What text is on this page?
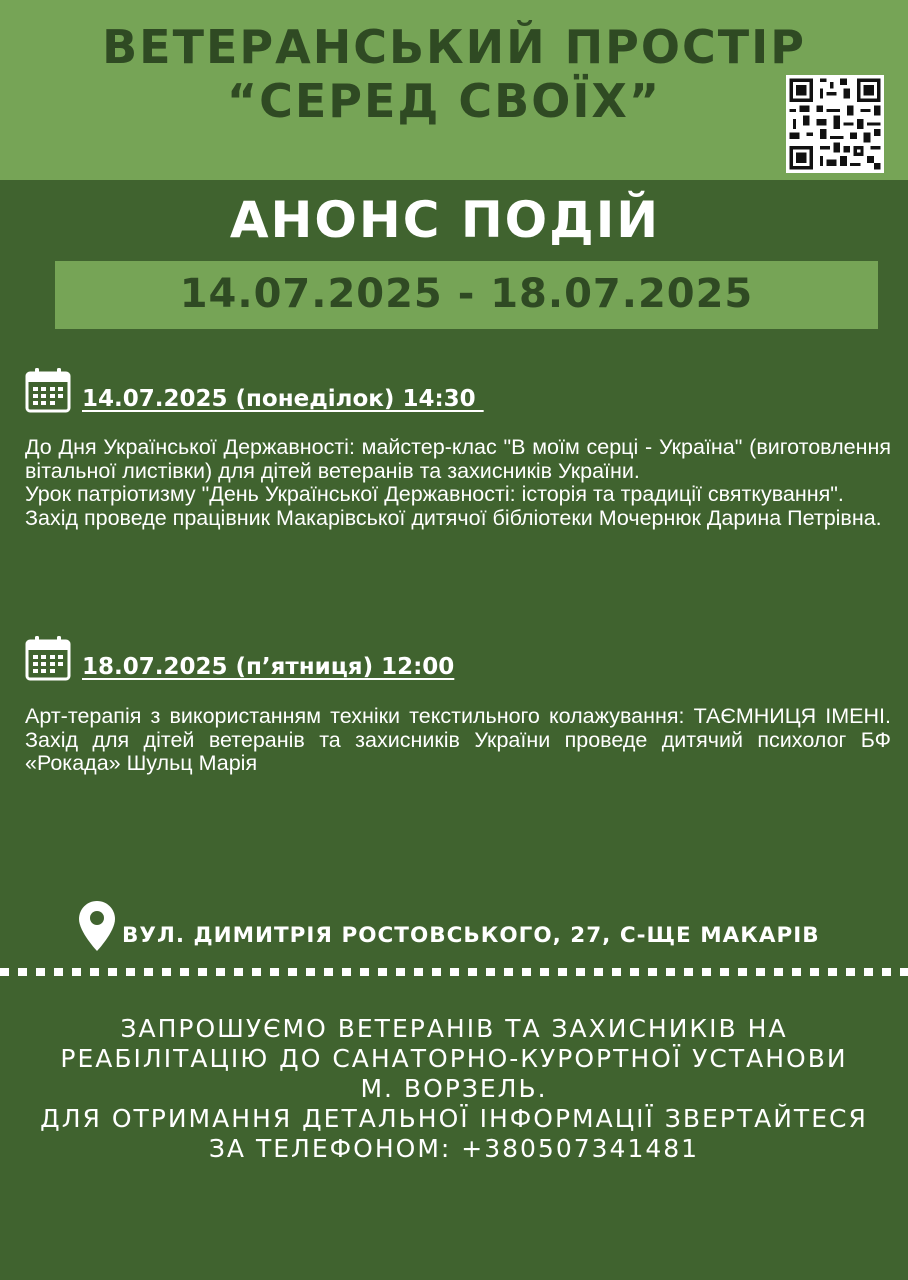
ВЕТЕРАНСЬКИЙ ПРОСТІР
“СЕРЕД СВОЇХ”
АНОНС ПОДІЙ
14.07.2025 - 18.07.2025
14.07.2025 (понеділок) 14:30

До Дня Української Державності: майстер-клас "В моїм серці - Україна" (виготовлення вітальної листівки) для дітей ветеранів та захисників України.

Урок патріотизму "День Української Державності: історія та традиції святкування".

Захід проведе працівник Макарівської дитячої бібліотеки Мочернюк Дарина Петрівна.

18.07.2025 (п’ятниця) 12:00

Арт-терапія з використанням техніки текстильного колажування: ТАЄМНИЦЯ ІМЕНІ. Захід для дітей ветеранів та захисників України проведе дитячий психолог БФ «Рокада» Шульц Марія

ВУЛ. ДИМИТРІЯ РОСТОВСЬКОГО, 27, С-ЩЕ МАКАРІВ
ЗАПРОШУЄМО ВЕТЕРАНІВ ТА ЗАХИСНИКІВ НА
РЕАБІЛІТАЦІЮ ДО САНАТОРНО-КУРОРТНОЇ УСТАНОВИ
М. ВОРЗЕЛЬ.
ДЛЯ ОТРИМАННЯ ДЕТАЛЬНОЇ ІНФОРМАЦІЇ ЗВЕРТАЙТЕСЯ
ЗА ТЕЛЕФОНОМ: +380507341481
